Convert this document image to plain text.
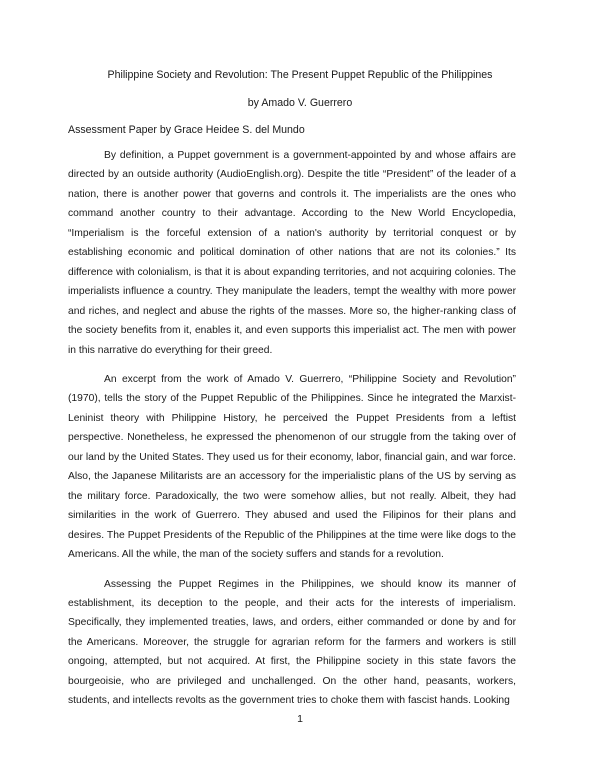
Philippine Society and Revolution: The Present Puppet Republic of the Philippines
by Amado V. Guerrero
Assessment Paper by Grace Heidee S. del Mundo

By definition, a Puppet government is a government-appointed by and whose affairs are directed by an outside authority (AudioEnglish.org). Despite the title “President” of the leader of a nation, there is another power that governs and controls it. The imperialists are the ones who command another country to their advantage. According to the New World Encyclopedia, “Imperialism is the forceful extension of a nation's authority by territorial conquest or by establishing economic and political domination of other nations that are not its colonies.” Its difference with colonialism, is that it is about expanding territories, and not acquiring colonies. The imperialists influence a country. They manipulate the leaders, tempt the wealthy with more power and riches, and neglect and abuse the rights of the masses. More so, the higher-ranking class of the society benefits from it, enables it, and even supports this imperialist act. The men with power in this narrative do everything for their greed.

An excerpt from the work of Amado V. Guerrero, “Philippine Society and Revolution” (1970), tells the story of the Puppet Republic of the Philippines. Since he integrated the Marxist-Leninist theory with Philippine History, he perceived the Puppet Presidents from a leftist perspective. Nonetheless, he expressed the phenomenon of our struggle from the taking over of our land by the United States. They used us for their economy, labor, financial gain, and war force. Also, the Japanese Militarists are an accessory for the imperialistic plans of the US by serving as the military force. Paradoxically, the two were somehow allies, but not really. Albeit, they had similarities in the work of Guerrero. They abused and used the Filipinos for their plans and desires. The Puppet Presidents of the Republic of the Philippines at the time were like dogs to the Americans. All the while, the man of the society suffers and stands for a revolution.

Assessing the Puppet Regimes in the Philippines, we should know its manner of establishment, its deception to the people, and their acts for the interests of imperialism. Specifically, they implemented treaties, laws, and orders, either commanded or done by and for the Americans. Moreover, the struggle for agrarian reform for the farmers and workers is still ongoing, attempted, but not acquired. At first, the Philippine society in this state favors the bourgeoisie, who are privileged and unchallenged. On the other hand, peasants, workers, students, and intellects revolts as the government tries to choke them with fascist hands. Looking

1
